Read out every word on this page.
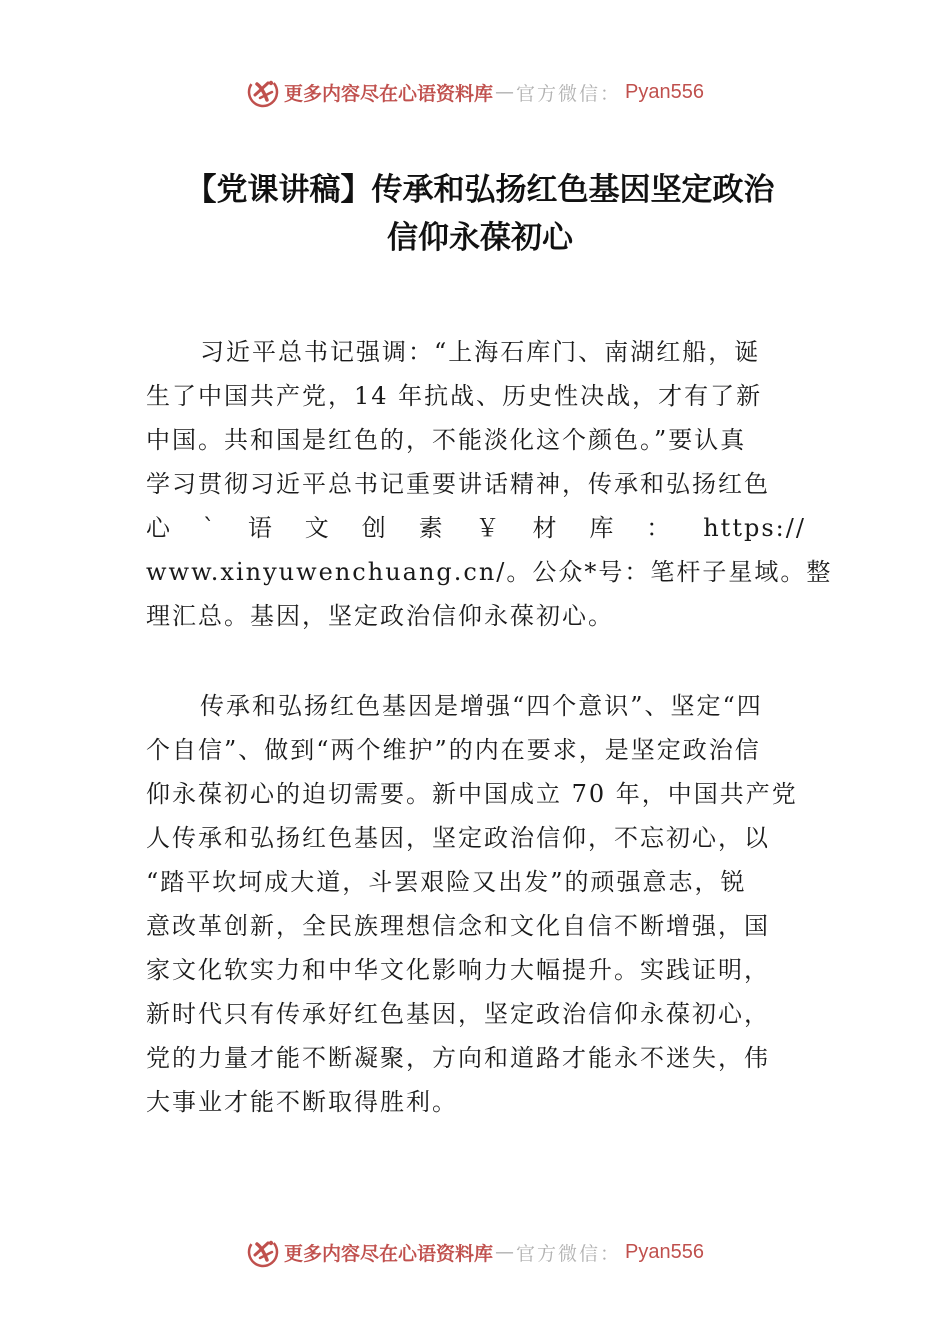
更多内容尽在心语资料库 — 官方微信： Pyan556
【党课讲稿】传承和弘扬红色基因坚定政治
信仰永葆初心

习近平总书记强调：“上海石库门、南湖红船，诞
生了中国共产党，14 年抗战、历史性决战，才有了新
中国。共和国是红色的，不能淡化这个颜色。”要认真
学习贯彻习近平总书记重要讲话精神，传承和弘扬红色
心 ` 语 文 创 素 ￥ 材 库 ： https://
www.xinyuwenchuang.cn/。公众*号：笔杆子星域。整
理汇总。基因，坚定政治信仰永葆初心。

传承和弘扬红色基因是增强“四个意识”、坚定“四
个自信”、做到“两个维护”的内在要求，是坚定政治信
仰永葆初心的迫切需要。新中国成立 70 年，中国共产党
人传承和弘扬红色基因，坚定政治信仰，不忘初心，以
“踏平坎坷成大道，斗罢艰险又出发”的顽强意志，锐
意改革创新，全民族理想信念和文化自信不断增强，国
家文化软实力和中华文化影响力大幅提升。实践证明，
新时代只有传承好红色基因，坚定政治信仰永葆初心，
党的力量才能不断凝聚，方向和道路才能永不迷失，伟
大事业才能不断取得胜利。

更多内容尽在心语资料库 — 官方微信： Pyan556
